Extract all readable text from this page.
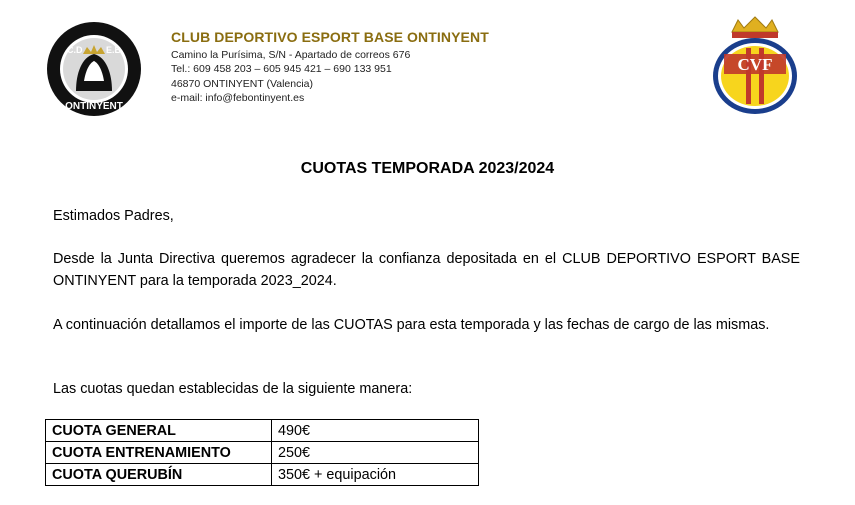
C.D	E.B
ONTINYENT
CVF
CLUB DEPORTIVO ESPORT BASE ONTINYENT
Camino la Purísima, S/N - Apartado de correos 676
Tel.: 609 458 203 – 605 945 421 – 690 133 951
46870 ONTINYENT (Valencia)
e-mail: info@febontinyent.es
CUOTAS TEMPORADA 2023/2024
Estimados Padres,
Desde la Junta Directiva queremos agradecer la confianza depositada en el CLUB DEPORTIVO ESPORT BASE ONTINYENT para la temporada 2023_2024.
A continuación detallamos el importe de las CUOTAS para esta temporada y las fechas de cargo de las mismas.
Las cuotas quedan establecidas de la siguiente manera:
CUOTA GENERAL	490€
CUOTA ENTRENAMIENTO	250€
CUOTA QUERUBÍN	350€ + equipación
